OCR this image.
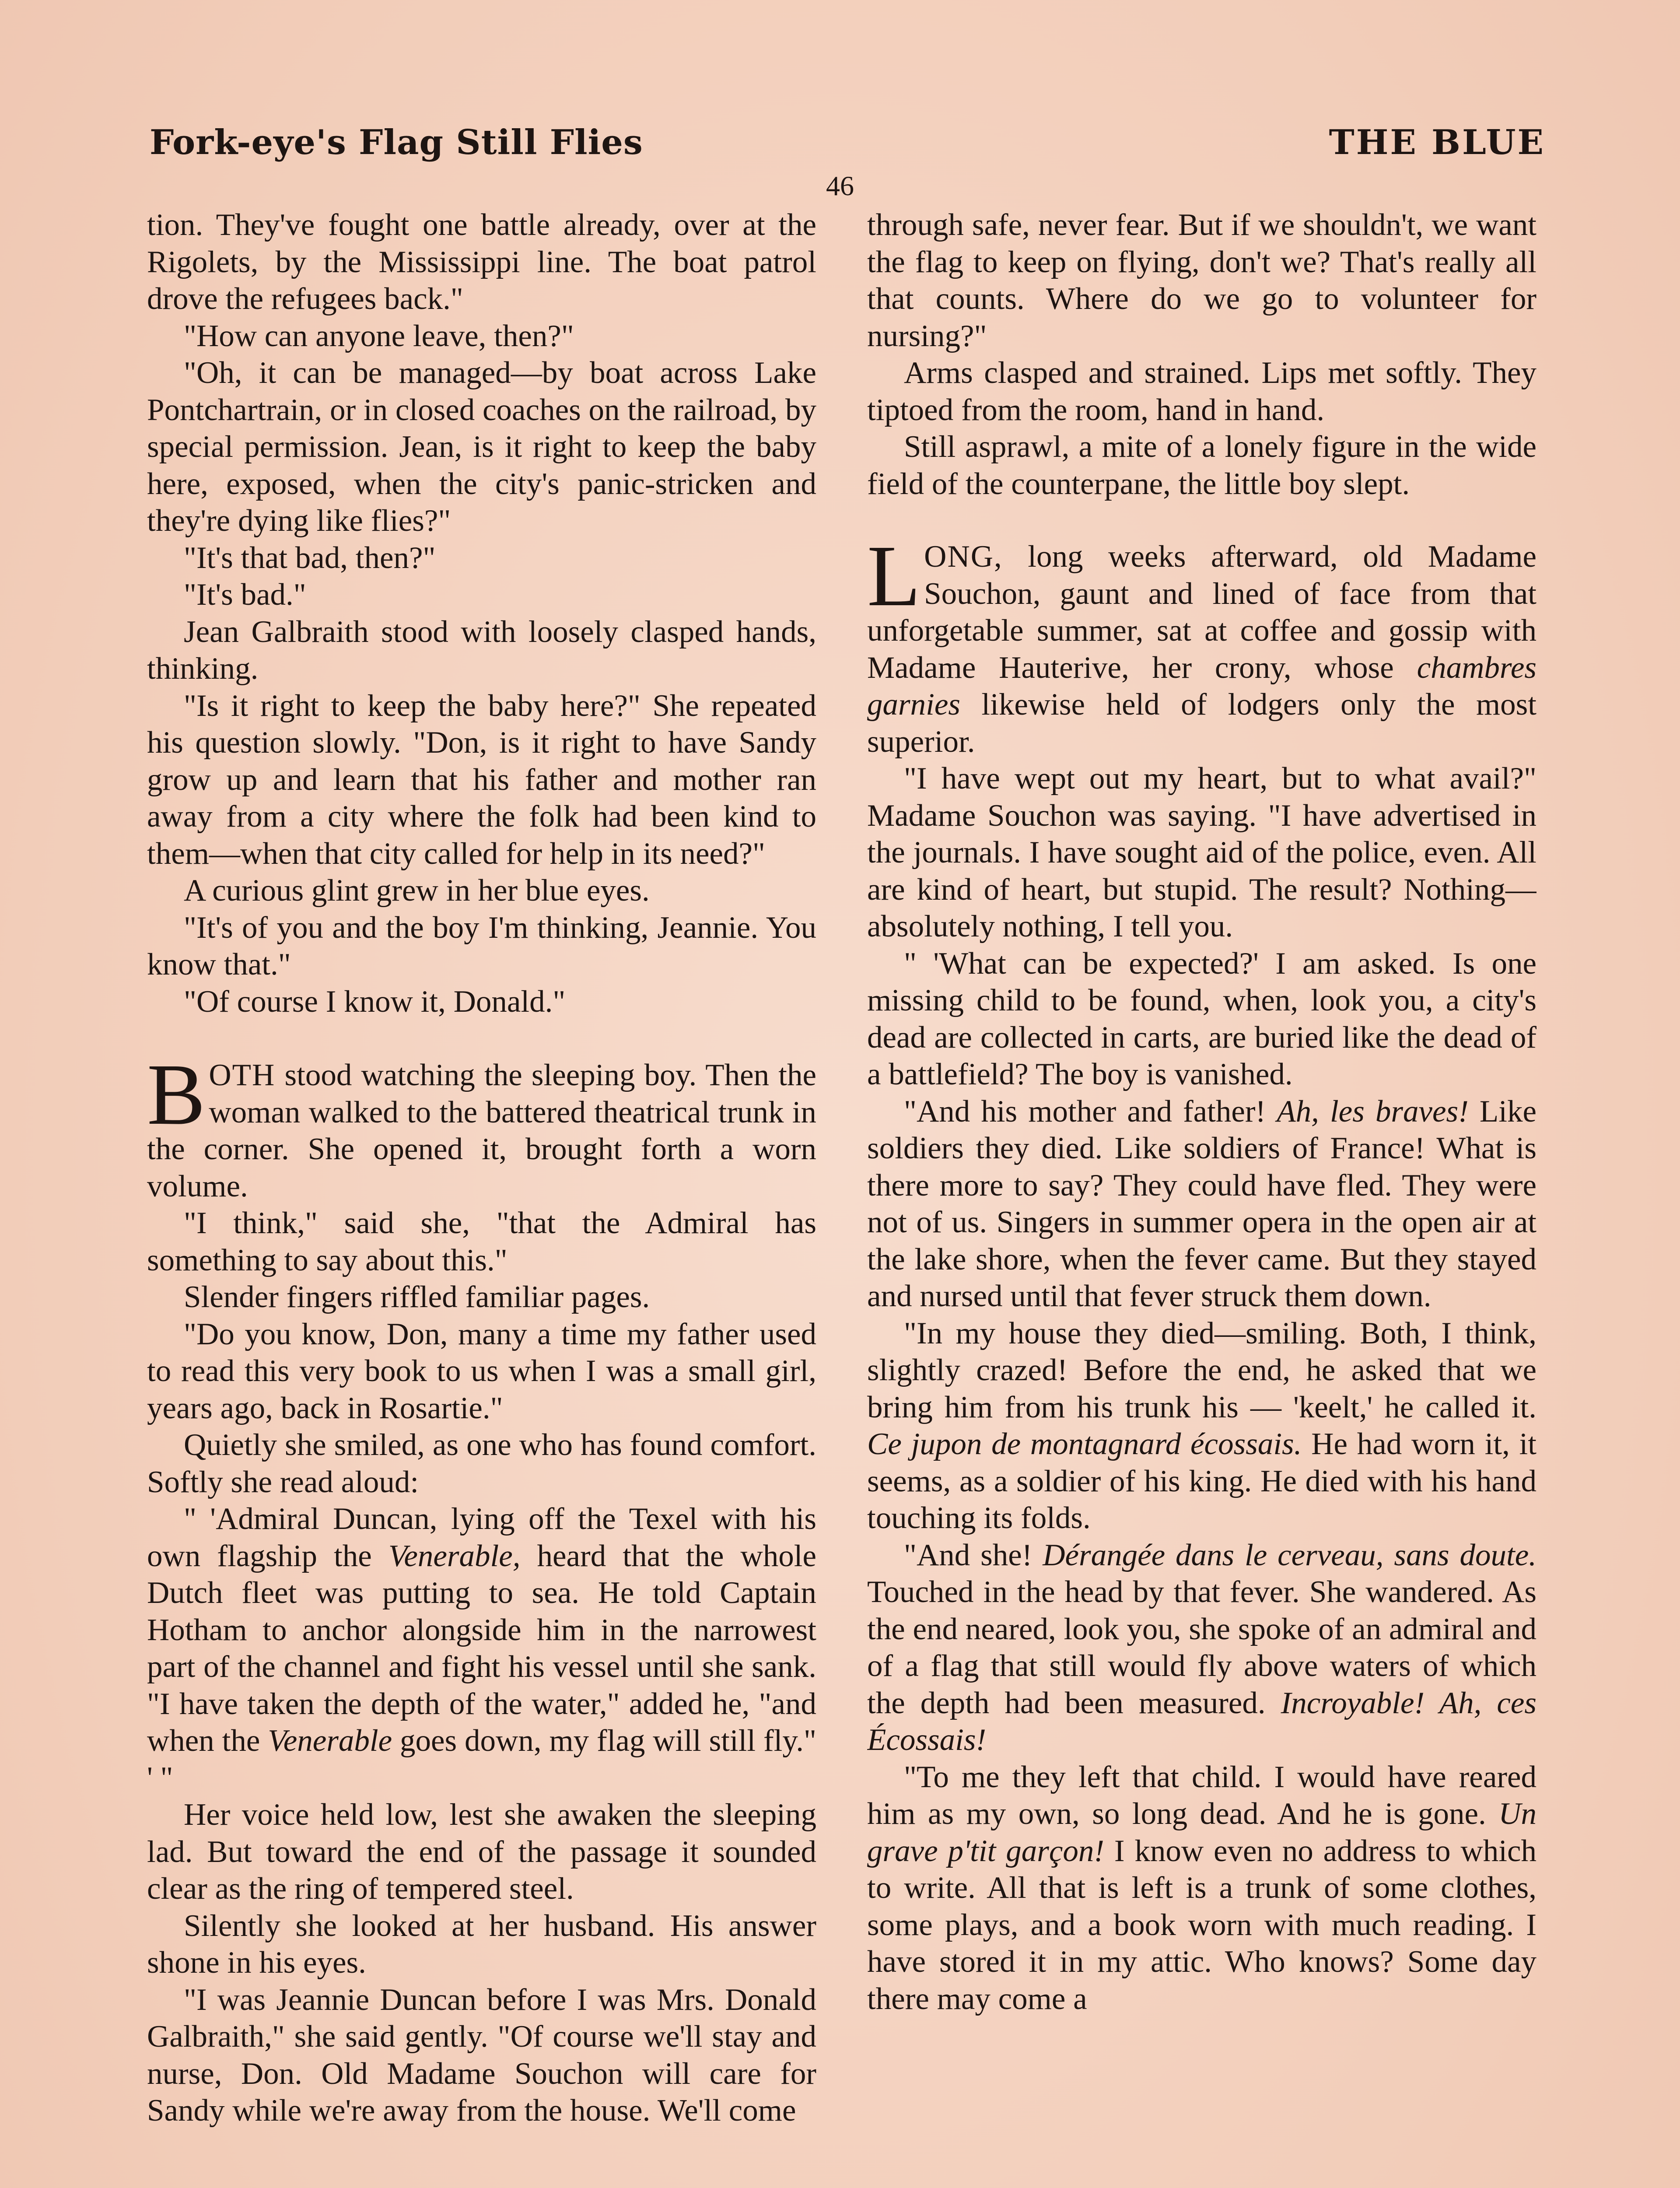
Fork-eye's Flag Still Flies	THE BLUE
46

tion. They've fought one battle already, over at the Rigolets, by the Mississippi line. The boat patrol drove the refugees back."

"How can anyone leave, then?"

"Oh, it can be managed—by boat across Lake Pontchartrain, or in closed coaches on the railroad, by special permission. Jean, is it right to keep the baby here, exposed, when the city's panic-stricken and they're dying like flies?"

"It's that bad, then?"

"It's bad."

Jean Galbraith stood with loosely clasped hands, thinking.

"Is it right to keep the baby here?" She repeated his question slowly. "Don, is it right to have Sandy grow up and learn that his father and mother ran away from a city where the folk had been kind to them—when that city called for help in its need?"

A curious glint grew in her blue eyes.

"It's of you and the boy I'm thinking, Jeannie. You know that."

"Of course I know it, Donald."

BOTH stood watching the sleeping boy. Then the woman walked to the battered theatrical trunk in the corner. She opened it, brought forth a worn volume.

"I think," said she, "that the Admiral has something to say about this."

Slender fingers riffled familiar pages.

"Do you know, Don, many a time my father used to read this very book to us when I was a small girl, years ago, back in Rosartie."

Quietly she smiled, as one who has found comfort. Softly she read aloud:

" 'Admiral Duncan, lying off the Texel with his own flagship the Venerable, heard that the whole Dutch fleet was putting to sea. He told Captain Hotham to anchor alongside him in the narrowest part of the channel and fight his vessel until she sank. "I have taken the depth of the water," added he, "and when the Venerable goes down, my flag will still fly." ' "

Her voice held low, lest she awaken the sleeping lad. But toward the end of the passage it sounded clear as the ring of tempered steel.

Silently she looked at her husband. His answer shone in his eyes.

"I was Jeannie Duncan before I was Mrs. Donald Galbraith," she said gently. "Of course we'll stay and nurse, Don. Old Madame Souchon will care for Sandy while we're away from the house. We'll come

through safe, never fear. But if we shouldn't, we want the flag to keep on flying, don't we? That's really all that counts. Where do we go to volunteer for nursing?"

Arms clasped and strained. Lips met softly. They tiptoed from the room, hand in hand.

Still asprawl, a mite of a lonely figure in the wide field of the counterpane, the little boy slept.

LONG, long weeks afterward, old Madame Souchon, gaunt and lined of face from that unforgetable summer, sat at coffee and gossip with Madame Hauterive, her crony, whose chambres garnies likewise held of lodgers only the most superior.

"I have wept out my heart, but to what avail?" Madame Souchon was saying. "I have advertised in the journals. I have sought aid of the police, even. All are kind of heart, but stupid. The result? Nothing—absolutely nothing, I tell you.

" 'What can be expected?' I am asked. Is one missing child to be found, when, look you, a city's dead are collected in carts, are buried like the dead of a battlefield? The boy is vanished.

"And his mother and father! Ah, les braves! Like soldiers they died. Like soldiers of France! What is there more to say? They could have fled. They were not of us. Singers in summer opera in the open air at the lake shore, when the fever came. But they stayed and nursed until that fever struck them down.

"In my house they died—smiling. Both, I think, slightly crazed! Before the end, he asked that we bring him from his trunk his — 'keelt,' he called it. Ce jupon de montagnard écossais. He had worn it, it seems, as a soldier of his king. He died with his hand touching its folds.

"And she! Dérangée dans le cerveau, sans doute. Touched in the head by that fever. She wandered. As the end neared, look you, she spoke of an admiral and of a flag that still would fly above waters of which the depth had been measured. Incroyable! Ah, ces Écossais!

"To me they left that child. I would have reared him as my own, so long dead. And he is gone. Un grave p'tit garçon! I know even no address to which to write. All that is left is a trunk of some clothes, some plays, and a book worn with much reading. I have stored it in my attic. Who knows? Some day there may come a
